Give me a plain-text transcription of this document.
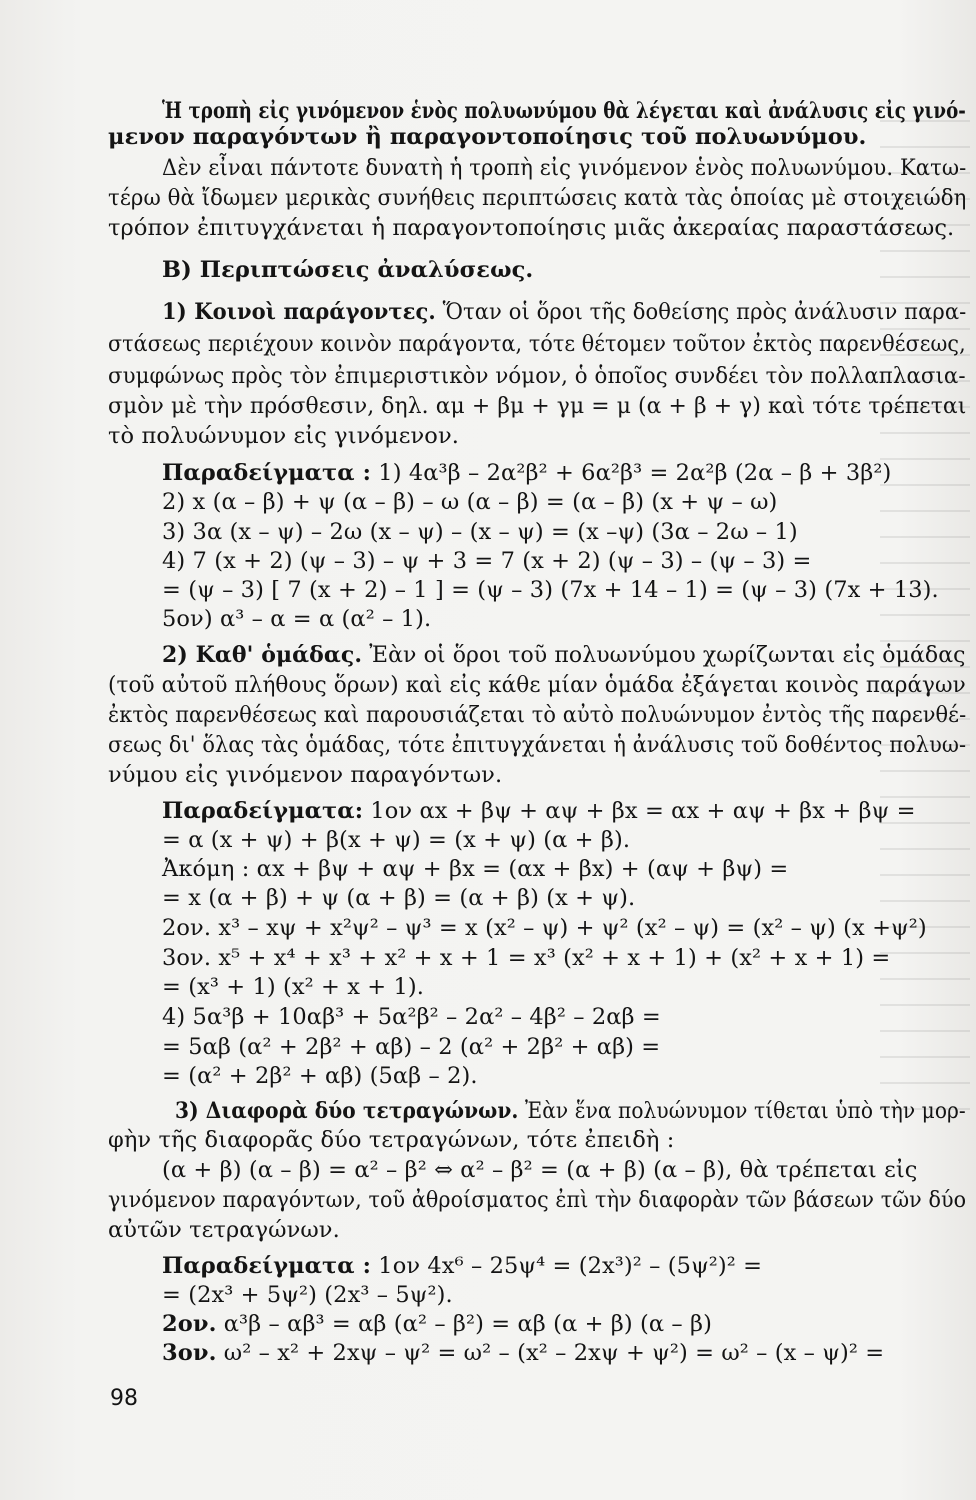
Ἡ τροπὴ εἰς γινόμενον ἑνὸς πολυωνύμου θὰ λέγεται καὶ ἀνάλυσις εἰς γινό-
μενον παραγόντων ἢ παραγοντοποίησις τοῦ πολυωνύμου.
Δὲν εἶναι πάντοτε δυνατὴ ἡ τροπὴ εἰς γινόμενον ἑνὸς πολυωνύμου. Κατω-
τέρω θὰ ἴδωμεν μερικὰς συνήθεις περιπτώσεις κατὰ τὰς ὁποίας μὲ στοιχειώδη
τρόπον ἐπιτυγχάνεται ἡ παραγοντοποίησις μιᾶς ἀκεραίας παραστάσεως.
Β) Περιπτώσεις ἀναλύσεως.
1) Κοινοὶ παράγοντες. Ὅταν οἱ ὅροι τῆς δοθείσης πρὸς ἀνάλυσιν παρα-
στάσεως περιέχουν κοινὸν παράγοντα, τότε θέτομεν τοῦτον ἐκτὸς παρενθέσεως,
συμφώνως πρὸς τὸν ἐπιμεριστικὸν νόμον, ὁ ὁποῖος συνδέει τὸν πολλαπλασια-
σμὸν μὲ τὴν πρόσθεσιν, δηλ. αμ + βμ + γμ = μ (α + β + γ) καὶ τότε τρέπεται
τὸ πολυώνυμον εἰς γινόμενον.
Παραδείγματα : 1) 4α³β – 2α²β² + 6α²β³ = 2α²β (2α – β + 3β²)
2) x (α – β) + ψ (α – β) – ω (α – β) = (α – β) (x + ψ – ω)
3) 3α (x – ψ) – 2ω (x – ψ) – (x – ψ) = (x –ψ) (3α – 2ω – 1)
4) 7 (x + 2) (ψ – 3) – ψ + 3 = 7 (x + 2) (ψ – 3) – (ψ – 3) =
= (ψ – 3) [ 7 (x + 2) – 1 ] = (ψ – 3) (7x + 14 – 1) = (ψ – 3) (7x + 13).
5ον) α³ – α = α (α² – 1).
2) Καθ' ὁμάδας. Ἐὰν οἱ ὅροι τοῦ πολυωνύμου χωρίζωνται εἰς ὁμάδας
(τοῦ αὐτοῦ πλήθους ὅρων) καὶ εἰς κάθε μίαν ὁμάδα ἐξάγεται κοινὸς παράγων
ἐκτὸς παρενθέσεως καὶ παρουσιάζεται τὸ αὐτὸ πολυώνυμον ἐντὸς τῆς παρενθέ-
σεως δι' ὅλας τὰς ὁμάδας, τότε ἐπιτυγχάνεται ἡ ἀνάλυσις τοῦ δοθέντος πολυω-
νύμου εἰς γινόμενον παραγόντων.
Παραδείγματα: 1ον αx + βψ + αψ + βx = αx + αψ + βx + βψ =
= α (x + ψ) + β(x + ψ) = (x + ψ) (α + β).
Ἀκόμη : αx + βψ + αψ + βx = (αx + βx) + (αψ + βψ) =
= x (α + β) + ψ (α + β) = (α + β) (x + ψ).
2ον. x³ – xψ + x²ψ² – ψ³ = x (x² – ψ) + ψ² (x² – ψ) = (x² – ψ) (x +ψ²)
3ον. x⁵ + x⁴ + x³ + x² + x + 1 = x³ (x² + x + 1) + (x² + x + 1) =
= (x³ + 1) (x² + x + 1).
4) 5α³β + 10αβ³ + 5α²β² – 2α² – 4β² – 2αβ =
= 5αβ (α² + 2β² + αβ) – 2 (α² + 2β² + αβ) =
= (α² + 2β² + αβ) (5αβ – 2).
3) Διαφορὰ δύο τετραγώνων. Ἐὰν ἕνα πολυώνυμον τίθεται ὑπὸ τὴν μορ-
φὴν τῆς διαφορᾶς δύο τετραγώνων, τότε ἐπειδὴ :
(α + β) (α – β) = α² – β² ⇔ α² – β² = (α + β) (α – β), θὰ τρέπεται εἰς
γινόμενον παραγόντων, τοῦ ἀθροίσματος ἐπὶ τὴν διαφορὰν τῶν βάσεων τῶν δύο
αὐτῶν τετραγώνων.
Παραδείγματα : 1ον 4x⁶ – 25ψ⁴ = (2x³)² – (5ψ²)² =
= (2x³ + 5ψ²) (2x³ – 5ψ²).
2ον. α³β – αβ³ = αβ (α² – β²) = αβ (α + β) (α – β)
3ον. ω² – x² + 2xψ – ψ² = ω² – (x² – 2xψ + ψ²) = ω² – (x – ψ)² =
98
